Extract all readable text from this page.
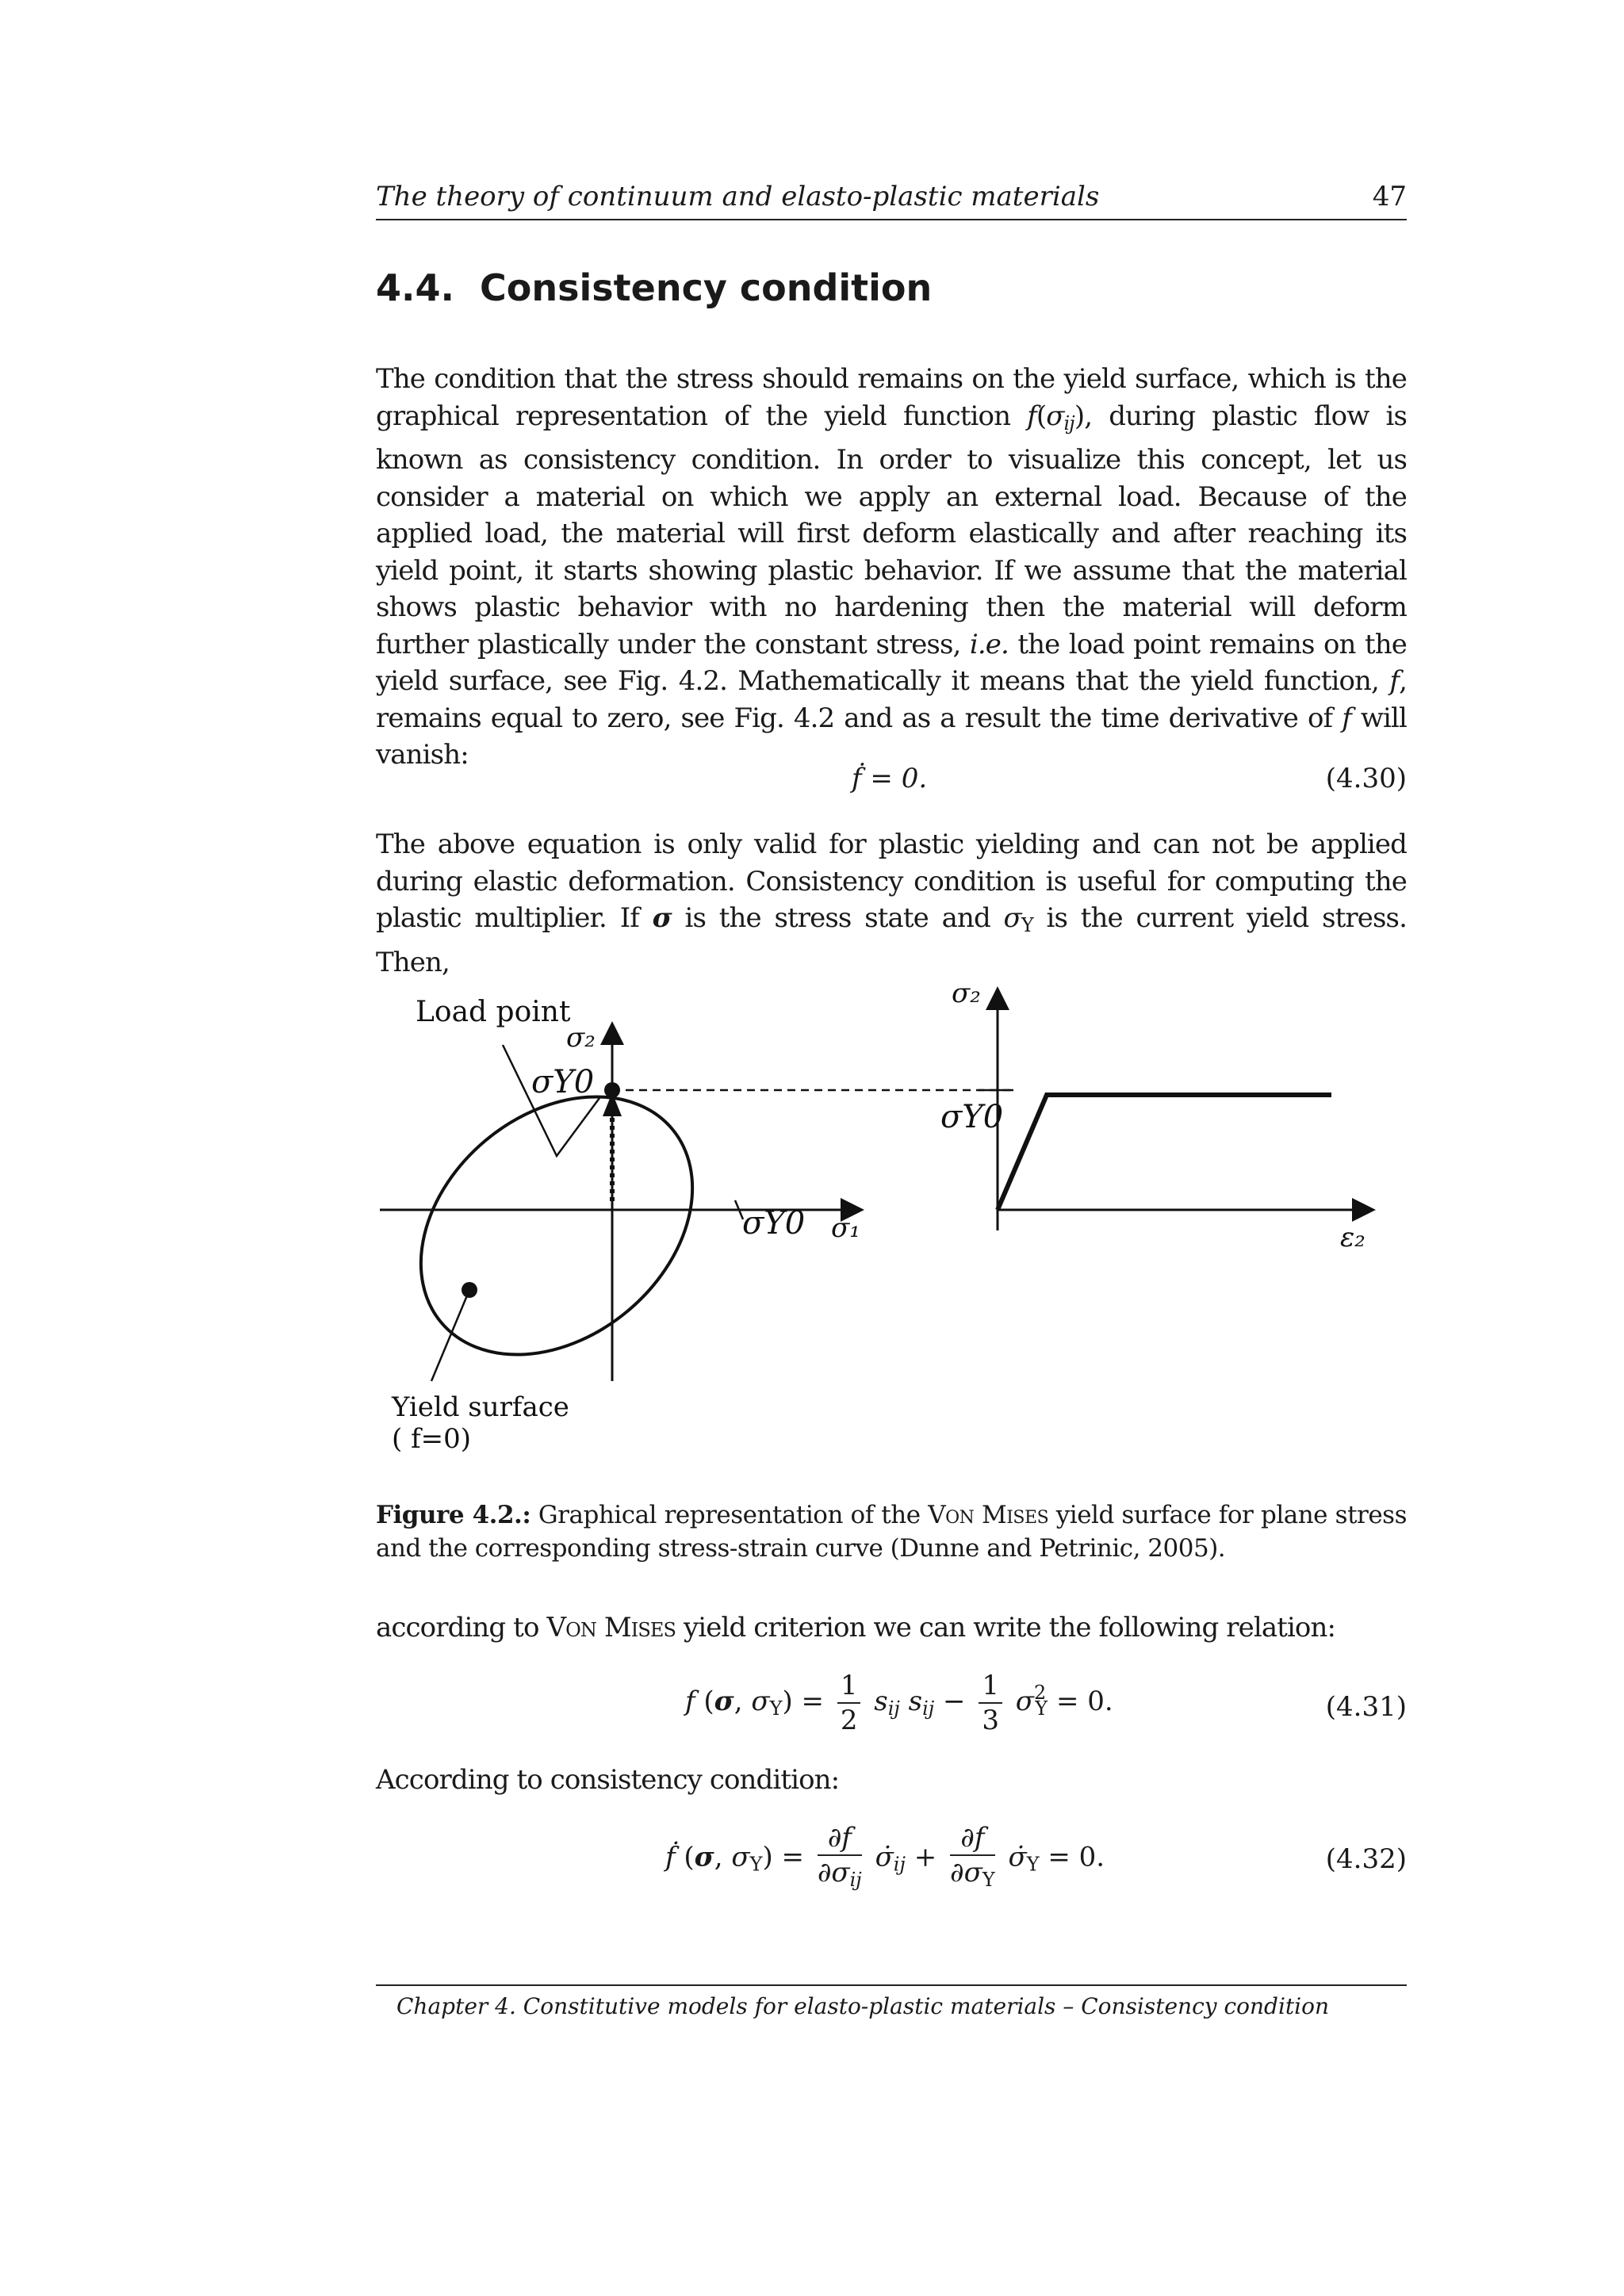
The theory of continuum and elasto-plastic materials	47
4.4. Consistency condition
The condition that the stress should remains on the yield surface, which is the graphical representation of the yield function $f(\sigma_{ij})$, during plastic flow is known as consistency condition. In order to visualize this concept, let us consider a material on which we apply an external load. Because of the applied load, the material will first deform elastically and after reaching its yield point, it starts showing plastic behavior. If we assume that the material shows plastic behavior with no hardening then the material will deform further plastically under the constant stress, i.e. the load point remains on the yield surface, see Fig. 4.2. Mathematically it means that the yield function, f, remains equal to zero, see Fig. 4.2 and as a result the time derivative of f will vanish:
ḟ = 0.	(4.30)
The above equation is only valid for plastic yielding and can not be applied during elastic deformation. Consistency condition is useful for computing the plastic multiplier. If σ is the stress state and $\sigma_Y$ is the current yield stress. Then,
Load point
σ₂
σY0
σY0 σ₁
Yield surface
( f=0)
σ₂
σY0
ε₂
Figure 4.2.: Graphical representation of the Von Mises yield surface for plane stress and the corresponding stress-strain curve (Dunne and Petrinic, 2005).
according to Von Mises yield criterion we can write the following relation:
f (σ, $\sigma_Y) = \frac{1}{2} s_{ij}$ $s_{ij} - \frac{1}{3} \sigma^2_Y = 0$.	(4.31)
According to consistency condition:
ḟ (σ, $\sigma_Y) = \frac{\partial f}{\partial\sigma_{ij}}$ $\sigmȧ_{ij} + \frac{\partial f}{\partial\sigma_Y}$ $\sigmȧ_Y = 0$.	(4.32)
Chapter 4. Constitutive models for elasto-plastic materials – Consistency condition
